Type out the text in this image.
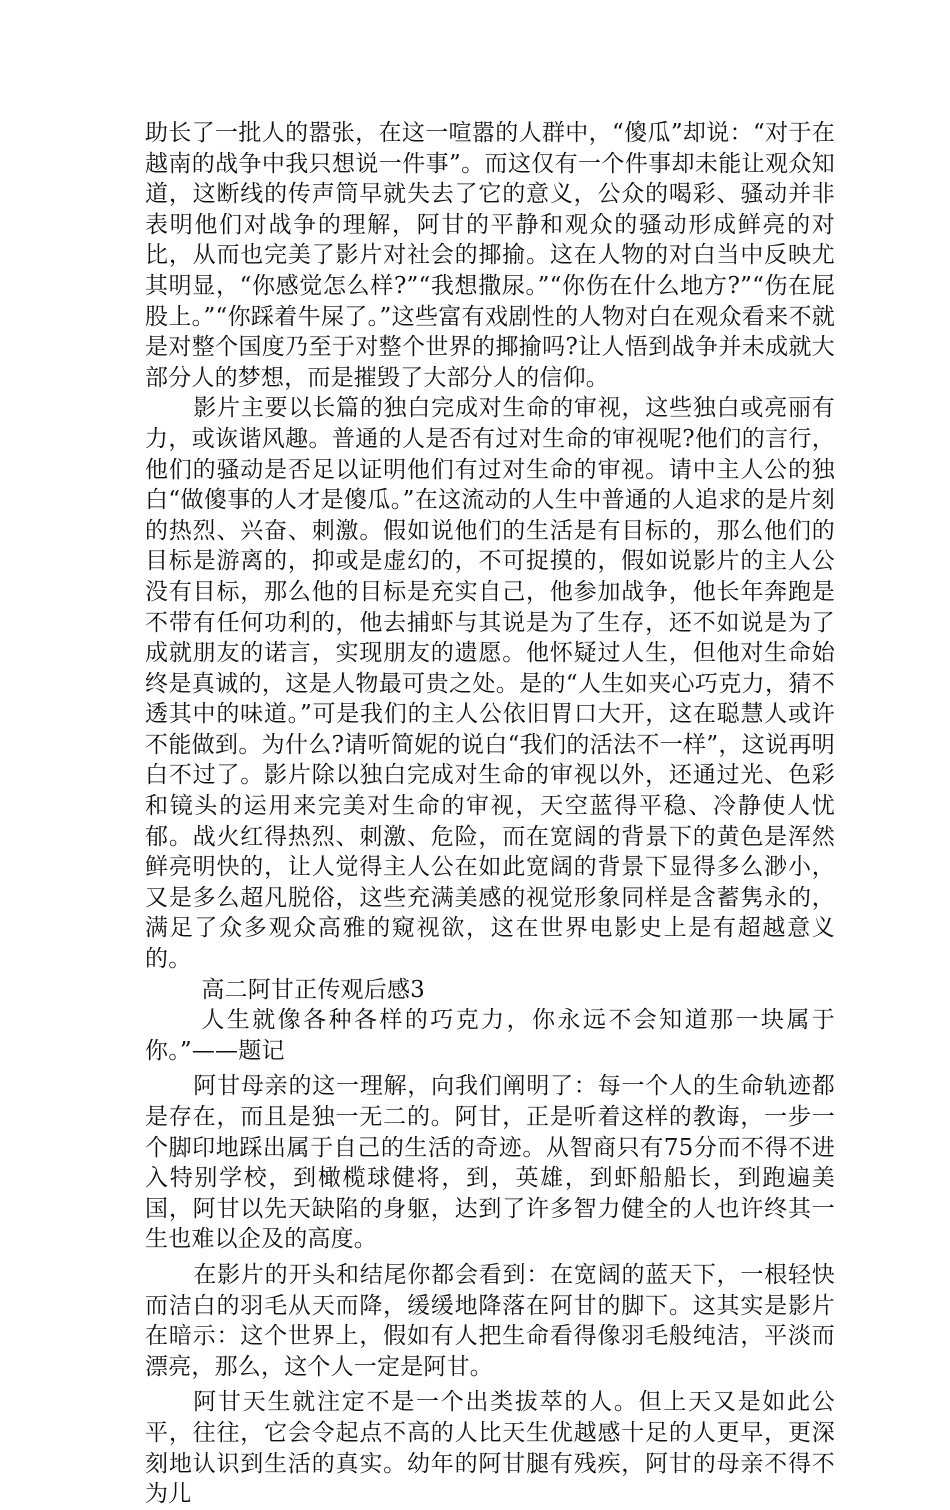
助长了一批人的嚣张，在这一喧嚣的人群中，“傻瓜”却说：“对于在越南的战争中我只想说一件事”。而这仅有一个件事却未能让观众知道，这断线的传声筒早就失去了它的意义，公众的喝彩、骚动并非表明他们对战争的理解，阿甘的平静和观众的骚动形成鲜亮的对比，从而也完美了影片对社会的揶揄。这在人物的对白当中反映尤其明显，“你感觉怎么样?”“我想撒尿。”“你伤在什么地方?”“伤在屁股上。”“你踩着牛屎了。”这些富有戏剧性的人物对白在观众看来不就是对整个国度乃至于对整个世界的揶揄吗?让人悟到战争并未成就大部分人的梦想，而是摧毁了大部分人的信仰。

影片主要以长篇的独白完成对生命的审视，这些独白或亮丽有力，或诙谐风趣。普通的人是否有过对生命的审视呢?他们的言行，他们的骚动是否足以证明他们有过对生命的审视。请中主人公的独白“做傻事的人才是傻瓜。”在这流动的人生中普通的人追求的是片刻的热烈、兴奋、刺激。假如说他们的生活是有目标的，那么他们的目标是游离的，抑或是虚幻的，不可捉摸的，假如说影片的主人公没有目标，那么他的目标是充实自己，他参加战争，他长年奔跑是不带有任何功利的，他去捕虾与其说是为了生存，还不如说是为了成就朋友的诺言，实现朋友的遗愿。他怀疑过人生，但他对生命始终是真诚的，这是人物最可贵之处。是的“人生如夹心巧克力，猜不透其中的味道。”可是我们的主人公依旧胃口大开，这在聪慧人或许不能做到。为什么?请听简妮的说白“我们的活法不一样”，这说再明白不过了。影片除以独白完成对生命的审视以外，还通过光、色彩和镜头的运用来完美对生命的审视，天空蓝得平稳、冷静使人忧郁。战火红得热烈、刺激、危险，而在宽阔的背景下的黄色是浑然鲜亮明快的，让人觉得主人公在如此宽阔的背景下显得多么渺小，又是多么超凡脱俗，这些充满美感的视觉形象同样是含蓄隽永的，满足了众多观众高雅的窥视欲，这在世界电影史上是有超越意义的。

高二阿甘正传观后感3

人生就像各种各样的巧克力，你永远不会知道那一块属于你。”——题记

阿甘母亲的这一理解，向我们阐明了：每一个人的生命轨迹都是存在，而且是独一无二的。阿甘，正是听着这样的教诲，一步一个脚印地踩出属于自己的生活的奇迹。从智商只有75分而不得不进入特别学校，到橄榄球健将，到，英雄，到虾船船长，到跑遍美国，阿甘以先天缺陷的身躯，达到了许多智力健全的人也许终其一生也难以企及的高度。

在影片的开头和结尾你都会看到：在宽阔的蓝天下，一根轻快而洁白的羽毛从天而降，缓缓地降落在阿甘的脚下。这其实是影片在暗示：这个世界上，假如有人把生命看得像羽毛般纯洁，平淡而漂亮，那么，这个人一定是阿甘。

阿甘天生就注定不是一个出类拔萃的人。但上天又是如此公平，往往，它会令起点不高的人比天生优越感十足的人更早，更深刻地认识到生活的真实。幼年的阿甘腿有残疾，阿甘的母亲不得不为儿
